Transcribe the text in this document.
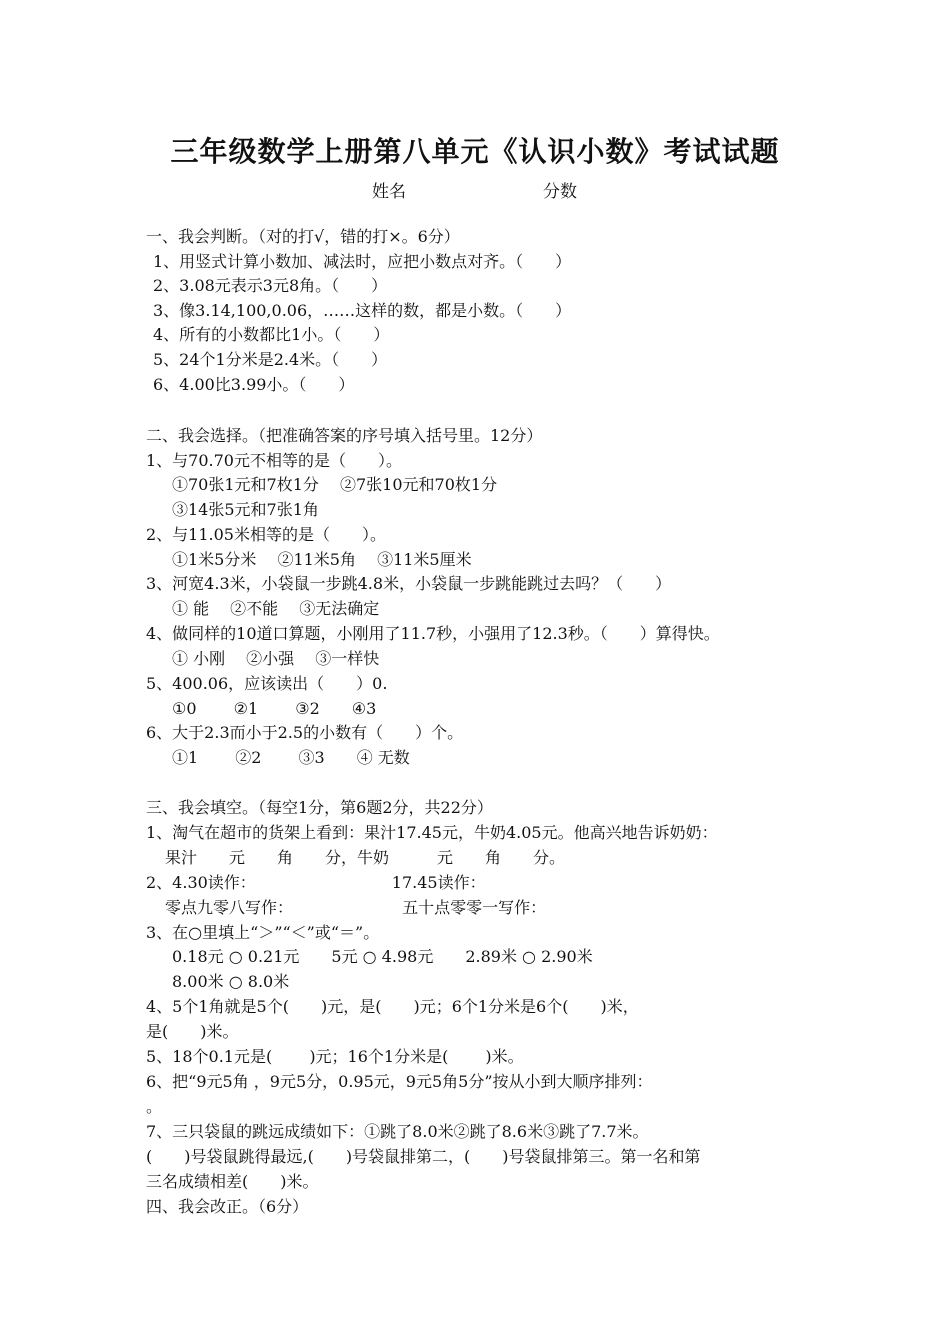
三年级数学上册第八单元《认识小数》考试试题
姓名	分数
一、我会判断。（对的打√，错的打×。6分）
1、用竖式计算小数加、减法时，应把小数点对齐。（　　）
2、3.08元表示3元8角。（　　）
3、像3.14,100,0.06，……这样的数，都是小数。（　　）
4、所有的小数都比1小。（　　）
5、24个1分米是2.4米。（　　）
6、4.00比3.99小。（　　）
二、我会选择。（把准确答案的序号填入括号里。12分）
1、与70.70元不相等的是（　　）。
①70张1元和7枚1分　 ②7张10元和70枚1分
③14张5元和7张1角
2、与11.05米相等的是（　　）。
①1米5分米　 ②11米5角　 ③11米5厘米
3、河宽4.3米，小袋鼠一步跳4.8米，小袋鼠一步跳能跳过去吗？（　　）
① 能　 ②不能　 ③无法确定
4、做同样的10道口算题，小刚用了11.7秒，小强用了12.3秒。（　　）算得快。
① 小刚　 ②小强　 ③一样快
5、400.06，应该读出（　　）0.
①0　　 ②1　　 ③2　　④3
6、大于2.3而小于2.5的小数有（　　）个。
①1　　 ②2　　 ③3　　④ 无数
三、我会填空。（每空1分，第6题2分，共22分）
1、淘气在超市的货架上看到：果汁17.45元，牛奶4.05元。他高兴地告诉奶奶：
果汁　　元　　角　　分，牛奶　　　元　　角　　分。
2、4.30读作：　　　　　　　　　17.45读作：
零点九零八写作：　　　　　　　 五十点零零一写作：
3、在○里填上“＞”“＜”或“＝”。
0.18元 ○ 0.21元　　5元 ○ 4.98元　　2.89米 ○ 2.90米
8.00米 ○ 8.0米
4、5个1角就是5个(　　)元，是(　　)元；6个1分米是6个(　　)米，
是(　　)米。
5、18个0.1元是(　　 )元；16个1分米是(　　 )米。
6、把“9元5角 ，9元5分，0.95元，9元5角5分”按从小到大顺序排列：
。
7、三只袋鼠的跳远成绩如下：①跳了8.0米②跳了8.6米③跳了7.7米。
(　　)号袋鼠跳得最远,(　　)号袋鼠排第二，(　　)号袋鼠排第三。第一名和第
三名成绩相差(　　)米。
四、我会改正。（6分）
